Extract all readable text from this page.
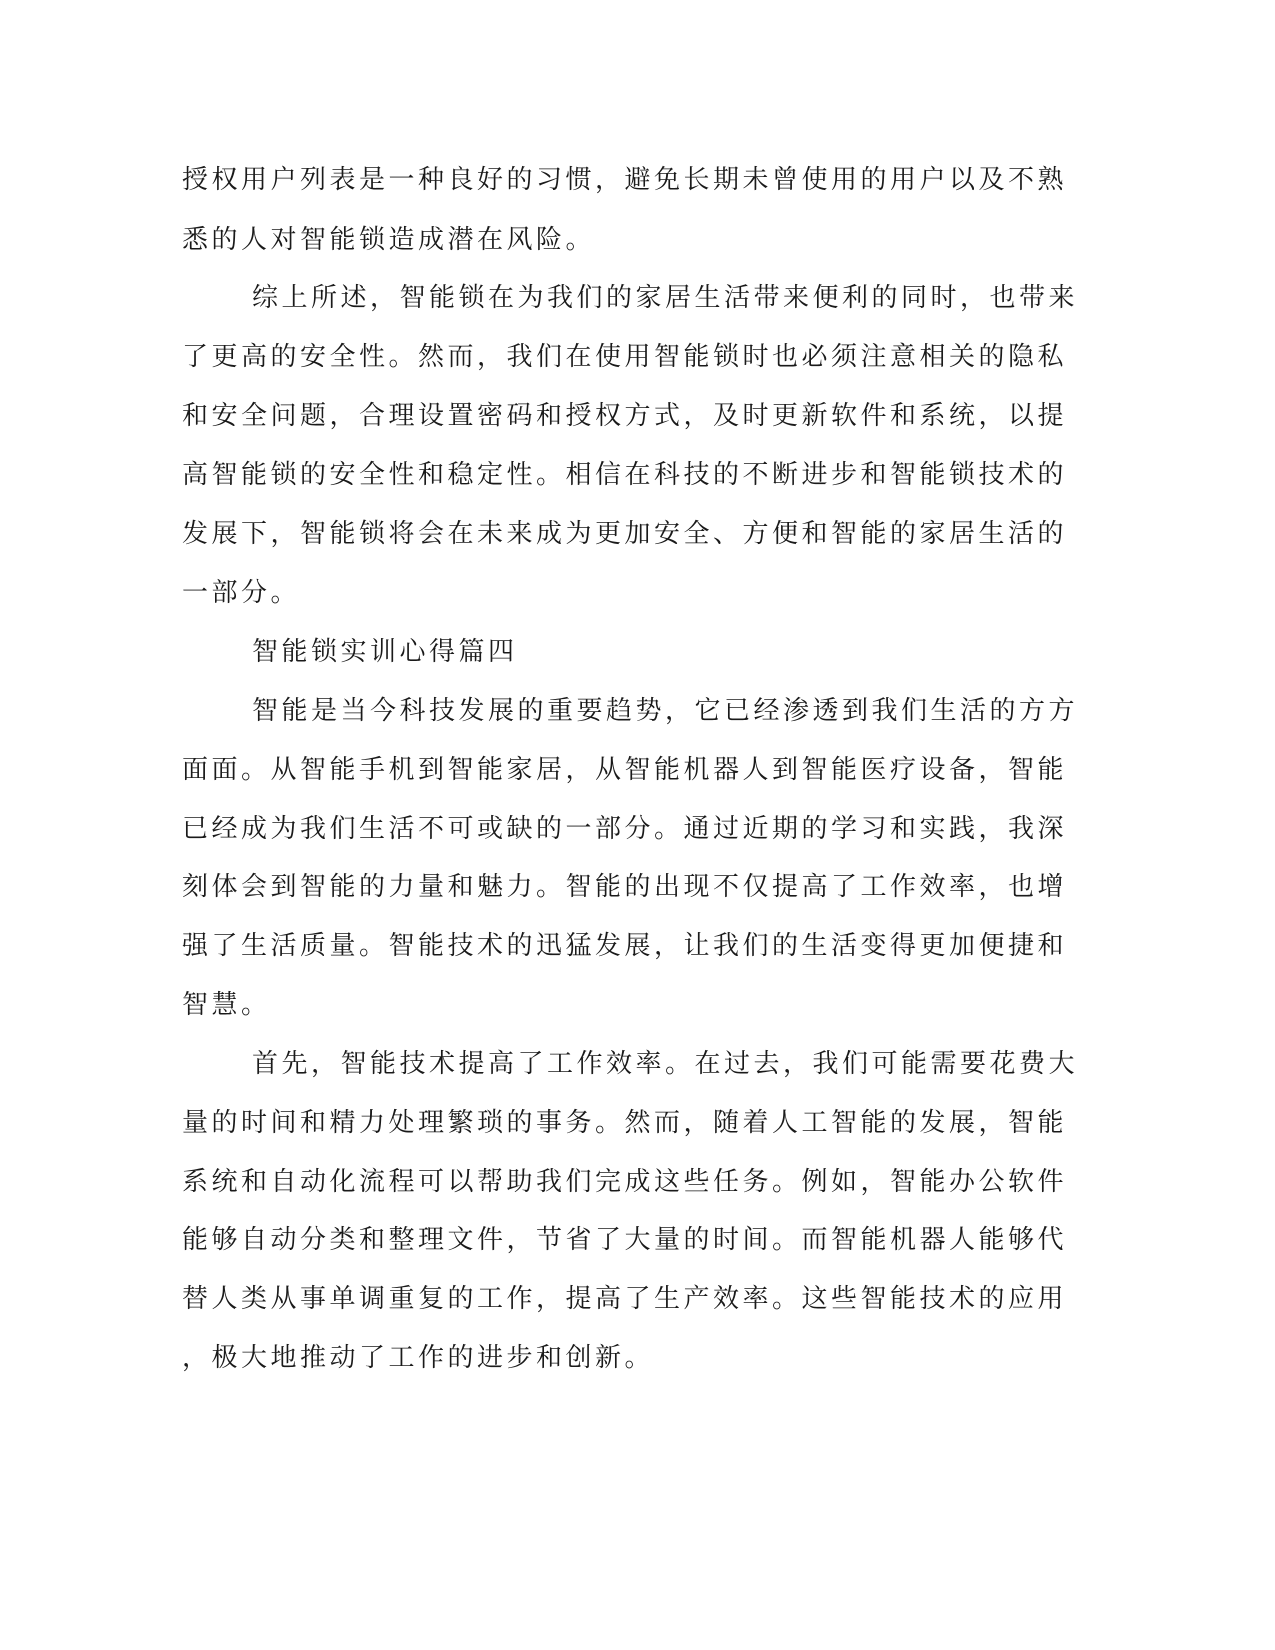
授权用户列表是一种良好的习惯，避免长期未曾使用的用户以及不熟

悉的人对智能锁造成潜在风险。

综上所述，智能锁在为我们的家居生活带来便利的同时，也带来

了更高的安全性。然而，我们在使用智能锁时也必须注意相关的隐私

和安全问题，合理设置密码和授权方式，及时更新软件和系统，以提

高智能锁的安全性和稳定性。相信在科技的不断进步和智能锁技术的

发展下，智能锁将会在未来成为更加安全、方便和智能的家居生活的

一部分。

智能锁实训心得篇四

智能是当今科技发展的重要趋势，它已经渗透到我们生活的方方

面面。从智能手机到智能家居，从智能机器人到智能医疗设备，智能

已经成为我们生活不可或缺的一部分。通过近期的学习和实践，我深

刻体会到智能的力量和魅力。智能的出现不仅提高了工作效率，也增

强了生活质量。智能技术的迅猛发展，让我们的生活变得更加便捷和

智慧。

首先，智能技术提高了工作效率。在过去，我们可能需要花费大

量的时间和精力处理繁琐的事务。然而，随着人工智能的发展，智能

系统和自动化流程可以帮助我们完成这些任务。例如，智能办公软件

能够自动分类和整理文件，节省了大量的时间。而智能机器人能够代

替人类从事单调重复的工作，提高了生产效率。这些智能技术的应用

，极大地推动了工作的进步和创新。
